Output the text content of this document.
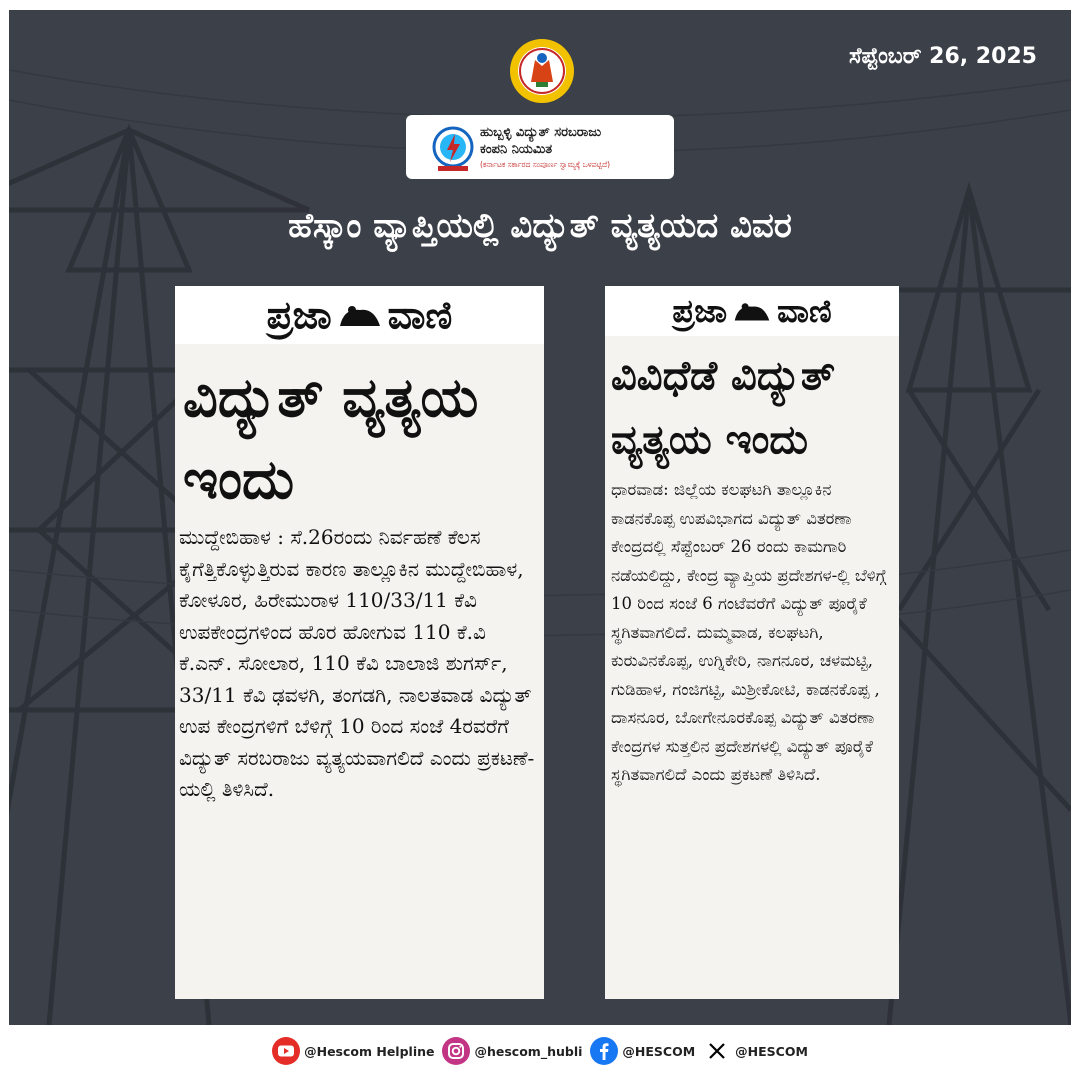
ಸೆಪ್ಟೆಂಬರ್ 26, 2025
ಹುಬ್ಬಳ್ಳಿ ವಿದ್ಯುತ್ ಸರಬರಾಜು
ಕಂಪನಿ ನಿಯಮಿತ
(ಕರ್ನಾಟಕ ಸರ್ಕಾರದ ಸಂಪೂರ್ಣ ಸ್ವಾಮ್ಯಕ್ಕೆ ಒಳಪಟ್ಟಿದೆ)
ಹೆಸ್ಕಾಂ ವ್ಯಾಪ್ತಿಯಲ್ಲಿ ವಿದ್ಯುತ್ ವ್ಯತ್ಯಯದ ವಿವರ
ಪ್ರಜಾ ವಾಣಿ
ವಿದ್ಯುತ್ ವ್ಯತ್ಯಯ ಇಂದು
ಮುದ್ದೇಬಿಹಾಳ : ಸೆ.26ರಂದು ನಿರ್ವಹಣೆ ಕೆಲಸ ಕೈಗೆತ್ತಿಕೊಳ್ಳುತ್ತಿರುವ ಕಾರಣ ತಾಲ್ಲೂಕಿನ ಮುದ್ದೇಬಿಹಾಳ, ಕೋಳೂರ, ಹಿರೇಮುರಾಳ 110/33/11 ಕೆವಿ ಉಪಕೇಂದ್ರಗಳಿಂದ ಹೊರ ಹೋಗುವ 110 ಕೆ.ವಿ ಕೆ.ಎನ್. ಸೋಲಾರ, 110 ಕೆವಿ ಬಾಲಾಜಿ ಶುಗರ್ಸ್, 33/11 ಕೆವಿ ಢವಳಗಿ, ತಂಗಡಗಿ, ನಾಲತವಾಡ ವಿದ್ಯುತ್ ಉಪ ಕೇಂದ್ರಗಳಿಗೆ ಬೆಳಿಗ್ಗೆ 10 ರಿಂದ ಸಂಜೆ 4ರವರೆಗೆ ವಿದ್ಯುತ್ ಸರಬರಾಜು ವ್ಯತ್ಯಯವಾಗಲಿದೆ ಎಂದು ಪ್ರಕಟಣೆ-ಯಲ್ಲಿ ತಿಳಿಸಿದೆ.
ಪ್ರಜಾ ವಾಣಿ
ವಿವಿಧೆಡೆ ವಿದ್ಯುತ್ ವ್ಯತ್ಯಯ ಇಂದು
ಧಾರವಾಡ: ಜಿಲ್ಲೆಯ ಕಲಘಟಗಿ ತಾಲ್ಲೂಕಿನ ಕಾಡನಕೊಪ್ಪ ಉಪವಿಭಾಗದ ವಿದ್ಯುತ್ ವಿತರಣಾ ಕೇಂದ್ರದಲ್ಲಿ ಸೆಪ್ಟೆಂಬರ್ 26 ರಂದು ಕಾಮಗಾರಿ ನಡೆಯಲಿದ್ದು, ಕೇಂದ್ರ ವ್ಯಾಪ್ತಿಯ ಪ್ರದೇಶಗಳ-ಲ್ಲಿ ಬೆಳಿಗ್ಗೆ 10 ರಿಂದ ಸಂಜೆ 6 ಗಂಟೆವರೆಗೆ ವಿದ್ಯುತ್ ಪೂರೈಕೆ ಸ್ಥಗಿತವಾಗಲಿದೆ. ದುಮ್ಮವಾಡ, ಕಲಘಟಗಿ, ಕುರುವಿನಕೊಪ್ಪ, ಉಗ್ನಿಕೇರಿ, ನಾಗನೂರ, ಚಳಮಟ್ಟಿ, ಗುಡಿಹಾಳ, ಗಂಜಿಗಟ್ಟಿ, ಮಿಶ್ರೀಕೋಟಿ, ಕಾಡನಕೊಪ್ಪ , ದಾಸನೂರ, ಬೋಗೇನೂರಕೊಪ್ಪ ವಿದ್ಯುತ್ ವಿತರಣಾ ಕೇಂದ್ರಗಳ ಸುತ್ತಲಿನ ಪ್ರದೇಶಗಳಲ್ಲಿ ವಿದ್ಯುತ್ ಪೂರೈಕೆ ಸ್ಥಗಿತವಾಗಲಿದೆ ಎಂದು ಪ್ರಕಟಣೆ ತಿಳಿಸಿದೆ.
@Hescom Helpline	@hescom_hubli	@HESCOM	@HESCOM
